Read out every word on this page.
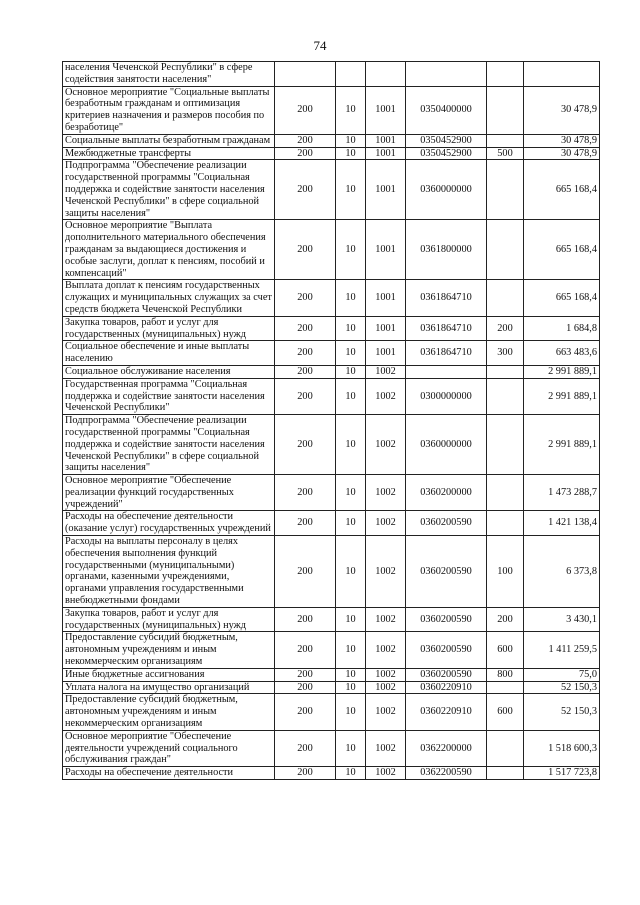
74
населения Чеченской Республики" в сфере содействия занятости населения"						
Основное мероприятие "Социальные выплаты безработным гражданам и оптимизация критериев назначения и размеров пособия по безработице"	200	10	1001	0350400000		30 478,9
Социальные выплаты безработным гражданам	200	10	1001	0350452900		30 478,9
Межбюджетные трансферты	200	10	1001	0350452900	500	30 478,9
Подпрограмма "Обеспечение реализации государственной программы "Социальная поддержка и содействие занятости населения Чеченской Республики" в сфере социальной защиты населения"	200	10	1001	0360000000		665 168,4
Основное мероприятие "Выплата дополнительного материального обеспечения гражданам за выдающиеся достижения и особые заслуги, доплат к пенсиям, пособий и компенсаций"	200	10	1001	0361800000		665 168,4
Выплата доплат к пенсиям государственных служащих и муниципальных служащих за счет средств бюджета Чеченской Республики	200	10	1001	0361864710		665 168,4
Закупка товаров, работ и услуг для государственных (муниципальных) нужд	200	10	1001	0361864710	200	1 684,8
Социальное обеспечение и иные выплаты населению	200	10	1001	0361864710	300	663 483,6
Социальное обслуживание населения	200	10	1002			2 991 889,1
Государственная программа "Социальная поддержка и содействие занятости населения Чеченской Республики"	200	10	1002	0300000000		2 991 889,1
Подпрограмма "Обеспечение реализации государственной программы "Социальная поддержка и содействие занятости населения Чеченской Республики" в сфере социальной защиты населения"	200	10	1002	0360000000		2 991 889,1
Основное мероприятие "Обеспечение реализации функций государственных учреждений"	200	10	1002	0360200000		1 473 288,7
Расходы на обеспечение деятельности (оказание услуг) государственных учреждений	200	10	1002	0360200590		1 421 138,4
Расходы на выплаты персоналу в целях обеспечения выполнения функций государственными (муниципальными) органами, казенными учреждениями, органами управления государственными внебюджетными фондами	200	10	1002	0360200590	100	6 373,8
Закупка товаров, работ и услуг для государственных (муниципальных) нужд	200	10	1002	0360200590	200	3 430,1
Предоставление субсидий бюджетным, автономным учреждениям и иным некоммерческим организациям	200	10	1002	0360200590	600	1 411 259,5
Иные бюджетные ассигнования	200	10	1002	0360200590	800	75,0
Уплата налога на имущество организаций	200	10	1002	0360220910		52 150,3
Предоставление субсидий бюджетным, автономным учреждениям и иным некоммерческим организациям	200	10	1002	0360220910	600	52 150,3
Основное мероприятие "Обеспечение деятельности учреждений социального обслуживания граждан"	200	10	1002	0362200000		1 518 600,3
Расходы на обеспечение деятельности	200	10	1002	0362200590		1 517 723,8
